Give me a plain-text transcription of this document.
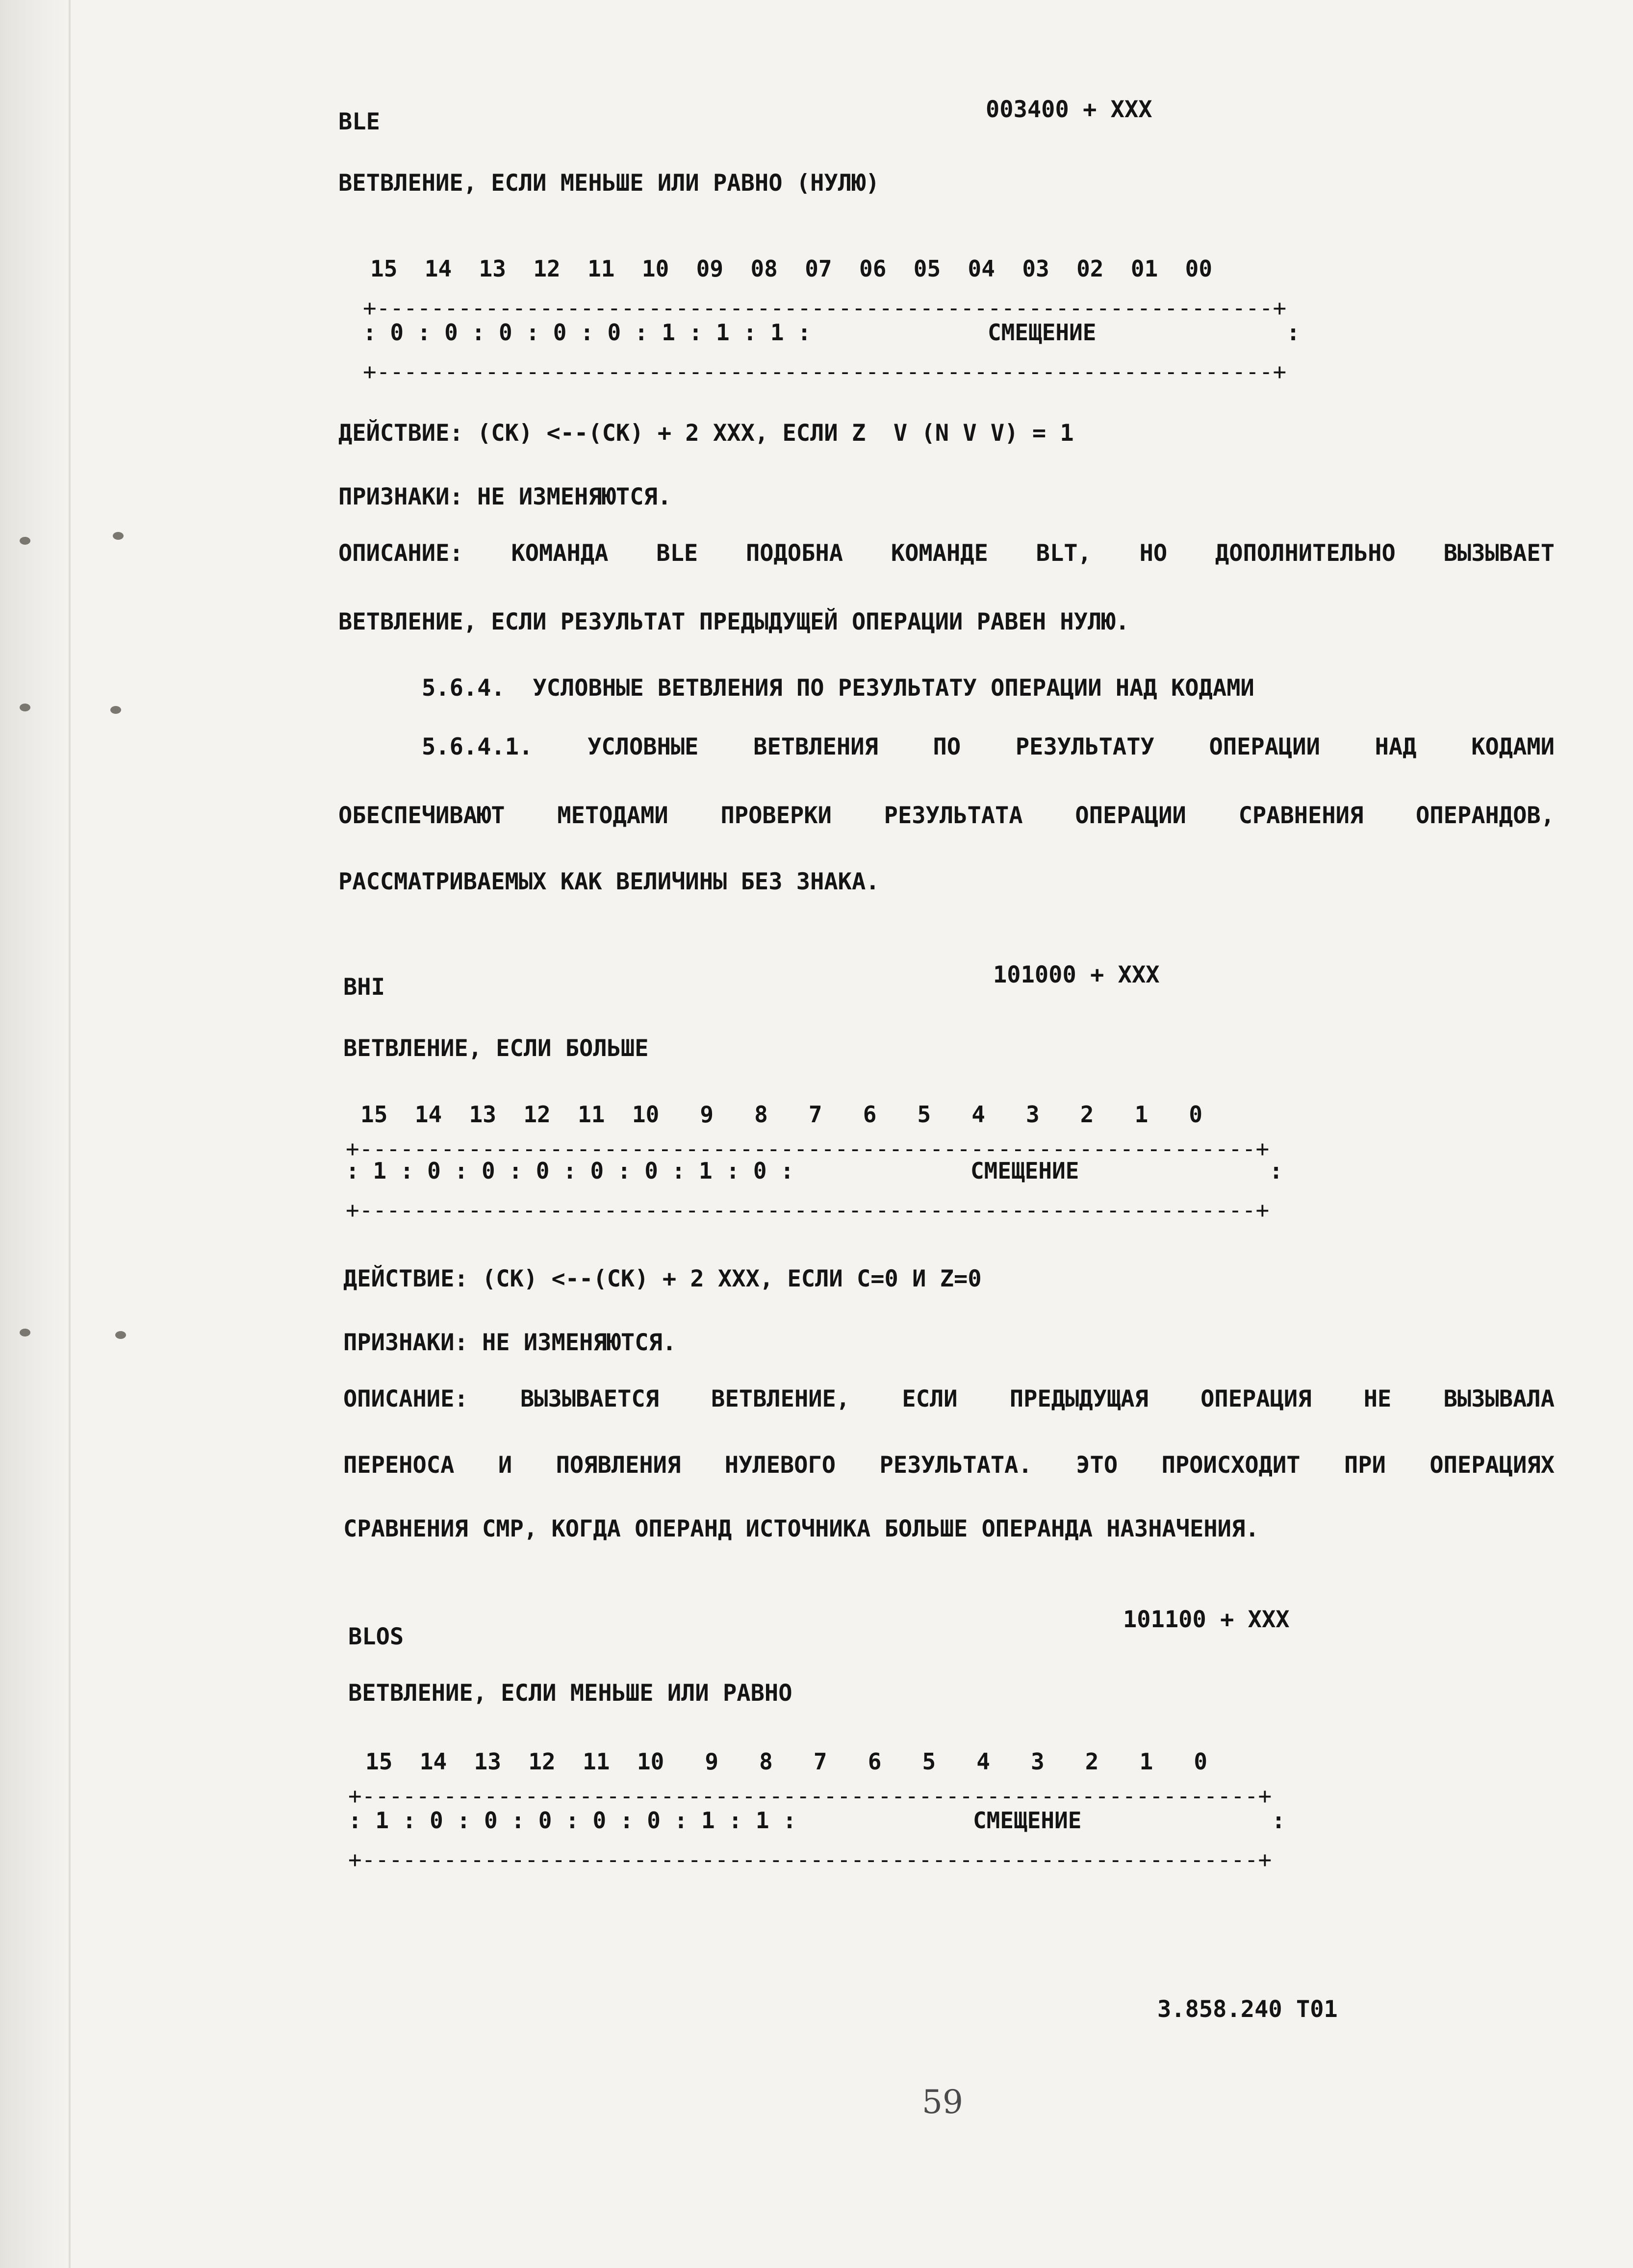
BLE	003400 + XXX
ВЕТВЛЕНИЕ, ЕСЛИ МЕНЬШЕ ИЛИ РАВНО (НУЛЮ)
15  14  13  12  11  10  09  08  07  06  05  04  03  02  01  00
+------------------------------------------------------------------+
: 0 : 0 : 0 : 0 : 0 : 1 : 1 : 1 :             СМЕЩЕНИЕ              :
+------------------------------------------------------------------+
ДЕЙСТВИЕ: (СК) <--(СК) + 2 XXX, ЕСЛИ Z  V (N V V) = 1
ПРИЗНАКИ: НЕ ИЗМЕНЯЮТСЯ.
ОПИСАНИЕ: КОМАНДА BLE ПОДОБНА КОМАНДЕ BLT, НО ДОПОЛНИТЕЛЬНО ВЫЗЫВАЕТ
ВЕТВЛЕНИЕ, ЕСЛИ РЕЗУЛЬТАТ ПРЕДЫДУЩЕЙ ОПЕРАЦИИ РАВЕН НУЛЮ.
5.6.4.  УСЛОВНЫЕ ВЕТВЛЕНИЯ ПО РЕЗУЛЬТАТУ ОПЕРАЦИИ НАД КОДАМИ
5.6.4.1. УСЛОВНЫЕ ВЕТВЛЕНИЯ ПО РЕЗУЛЬТАТУ ОПЕРАЦИИ НАД КОДАМИ
ОБЕСПЕЧИВАЮТ МЕТОДАМИ ПРОВЕРКИ РЕЗУЛЬТАТА ОПЕРАЦИИ СРАВНЕНИЯ ОПЕРАНДОВ,
РАССМАТРИВАЕМЫХ КАК ВЕЛИЧИНЫ БЕЗ ЗНАКА.
BHI	101000 + XXX
ВЕТВЛЕНИЕ, ЕСЛИ БОЛЬШЕ
15  14  13  12  11  10   9   8   7   6   5   4   3   2   1   0
+------------------------------------------------------------------+
: 1 : 0 : 0 : 0 : 0 : 0 : 1 : 0 :             СМЕЩЕНИЕ              :
+------------------------------------------------------------------+
ДЕЙСТВИЕ: (СК) <--(СК) + 2 XXX, ЕСЛИ С=0 И Z=0
ПРИЗНАКИ: НЕ ИЗМЕНЯЮТСЯ.
ОПИСАНИЕ: ВЫЗЫВАЕТСЯ ВЕТВЛЕНИЕ, ЕСЛИ ПРЕДЫДУЩАЯ ОПЕРАЦИЯ НЕ ВЫЗЫВАЛА
ПЕРЕНОСА И ПОЯВЛЕНИЯ НУЛЕВОГО РЕЗУЛЬТАТА. ЭТО ПРОИСХОДИТ ПРИ ОПЕРАЦИЯХ
СРАВНЕНИЯ СМР, КОГДА ОПЕРАНД ИСТОЧНИКА БОЛЬШЕ ОПЕРАНДА НАЗНАЧЕНИЯ.
101100 + XXX
BLOS
ВЕТВЛЕНИЕ, ЕСЛИ МЕНЬШЕ ИЛИ РАВНО
15  14  13  12  11  10   9   8   7   6   5   4   3   2   1   0
+------------------------------------------------------------------+
: 1 : 0 : 0 : 0 : 0 : 0 : 1 : 1 :             СМЕЩЕНИЕ              :
+------------------------------------------------------------------+
3.858.240 Т01
59
